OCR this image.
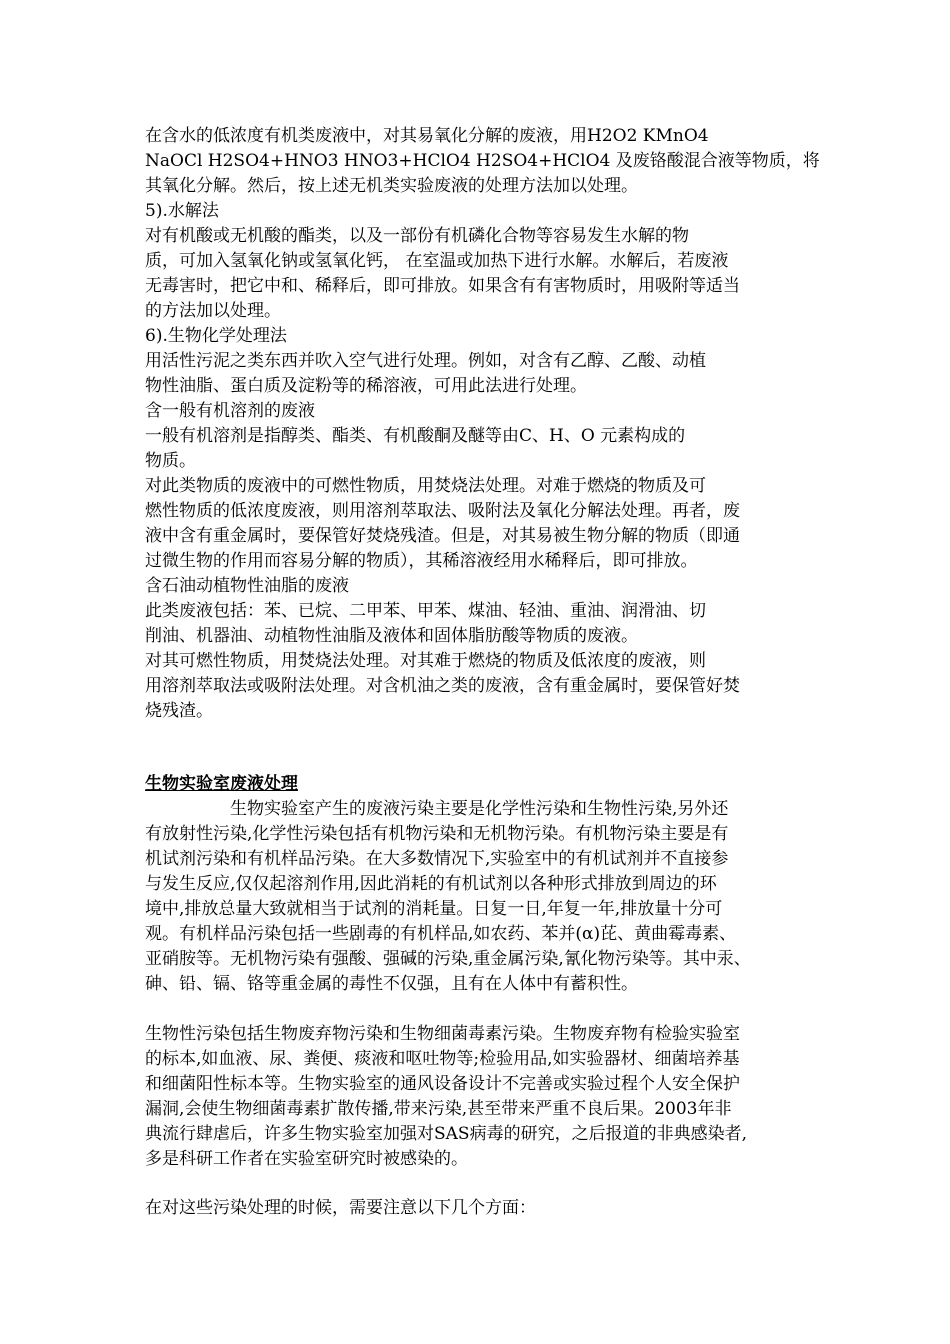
在含水的低浓度有机类废液中，对其易氧化分解的废液，用H2O2 KMnO4
NaOCl H2SO4+HNO3 HNO3+HClO4 H2SO4+HClO4 及废铬酸混合液等物质，将
其氧化分解。然后，按上述无机类实验废液的处理方法加以处理。
5).水解法
对有机酸或无机酸的酯类，以及一部份有机磷化合物等容易发生水解的物
质，可加入氢氧化钠或氢氧化钙， 在室温或加热下进行水解。水解后，若废液
无毒害时，把它中和、稀释后，即可排放。如果含有有害物质时，用吸附等适当
的方法加以处理。
6).生物化学处理法
用活性污泥之类东西并吹入空气进行处理。例如，对含有乙醇、乙酸、动植
物性油脂、蛋白质及淀粉等的稀溶液，可用此法进行处理。
含一般有机溶剂的废液
一般有机溶剂是指醇类、酯类、有机酸酮及醚等由C、H、O 元素构成的
物质。
对此类物质的废液中的可燃性物质，用焚烧法处理。对难于燃烧的物质及可
燃性物质的低浓度废液，则用溶剂萃取法、吸附法及氧化分解法处理。再者，废
液中含有重金属时，要保管好焚烧残渣。但是，对其易被生物分解的物质（即通
过微生物的作用而容易分解的物质），其稀溶液经用水稀释后，即可排放。
含石油动植物性油脂的废液
此类废液包括：苯、已烷、二甲苯、甲苯、煤油、轻油、重油、润滑油、切
削油、机器油、动植物性油脂及液体和固体脂肪酸等物质的废液。
对其可燃性物质，用焚烧法处理。对其难于燃烧的物质及低浓度的废液，则
用溶剂萃取法或吸附法处理。对含机油之类的废液，含有重金属时，要保管好焚
烧残渣。
生物实验室废液处理
生物实验室产生的废液污染主要是化学性污染和生物性污染,另外还
有放射性污染,化学性污染包括有机物污染和无机物污染。有机物污染主要是有
机试剂污染和有机样品污染。在大多数情况下,实验室中的有机试剂并不直接参
与发生反应,仅仅起溶剂作用,因此消耗的有机试剂以各种形式排放到周边的环
境中,排放总量大致就相当于试剂的消耗量。日复一日,年复一年,排放量十分可
观。有机样品污染包括一些剧毒的有机样品,如农药、苯并(α)芘、黄曲霉毒素、
亚硝胺等。无机物污染有强酸、强碱的污染,重金属污染,氰化物污染等。其中汞、
砷、铅、镉、铬等重金属的毒性不仅强，且有在人体中有蓄积性。
生物性污染包括生物废弃物污染和生物细菌毒素污染。生物废弃物有检验实验室
的标本,如血液、尿、粪便、痰液和呕吐物等;检验用品,如实验器材、细菌培养基
和细菌阳性标本等。生物实验室的通风设备设计不完善或实验过程个人安全保护
漏洞,会使生物细菌毒素扩散传播,带来污染,甚至带来严重不良后果。2003年非
典流行肆虐后，许多生物实验室加强对SAS病毒的研究，之后报道的非典感染者,
多是科研工作者在实验室研究时被感染的。
在对这些污染处理的时候，需要注意以下几个方面：
